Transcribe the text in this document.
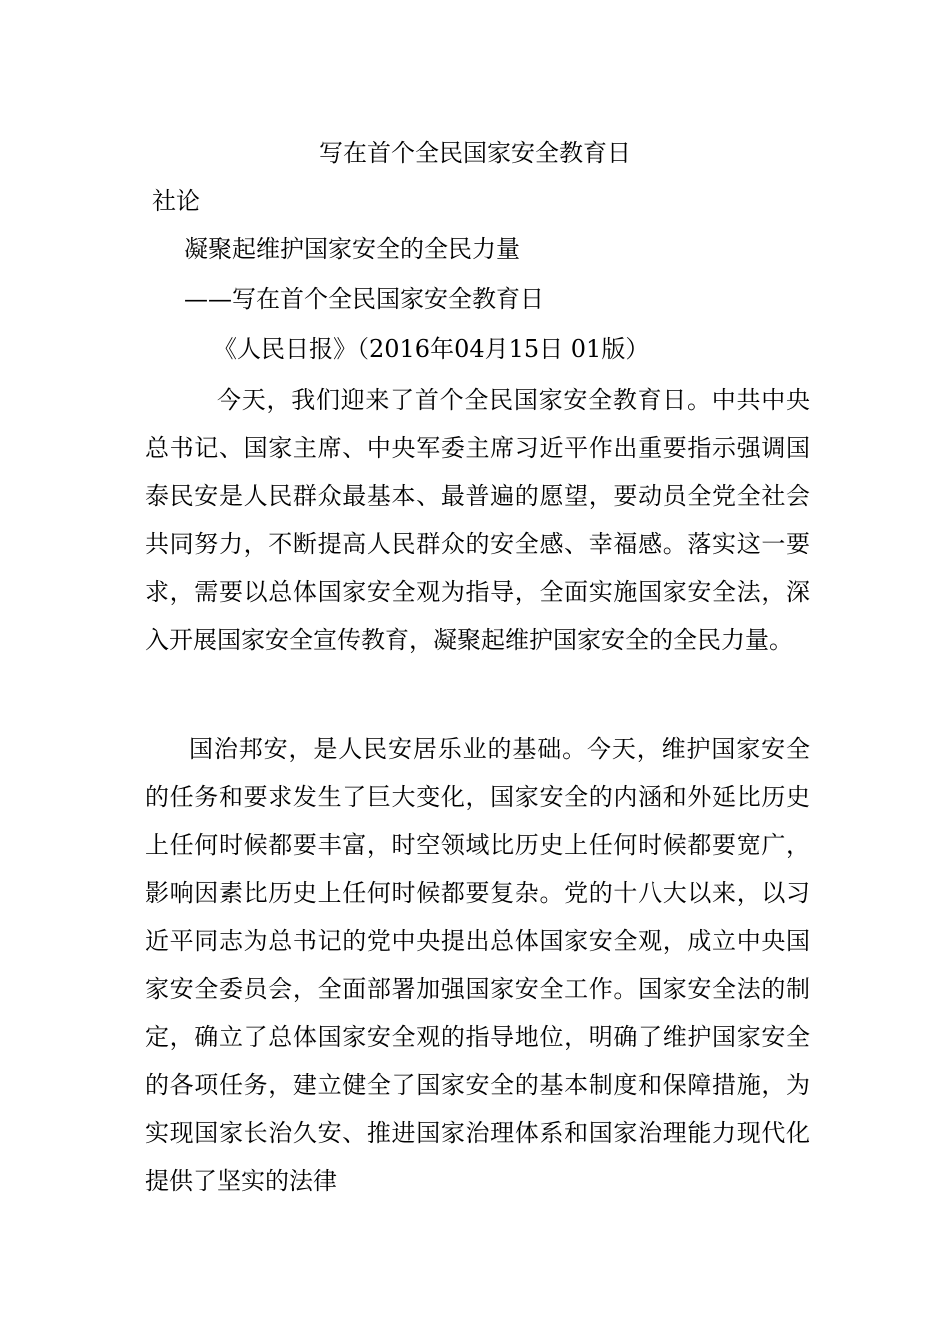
写在首个全民国家安全教育日
社论
凝聚起维护国家安全的全民力量
——写在首个全民国家安全教育日
《人民日报》（2016年04月15日 01版）

今天，我们迎来了首个全民国家安全教育日。中共中央总书记、国家主席、中央军委主席习近平作出重要指示强调国泰民安是人民群众最基本、最普遍的愿望，要动员全党全社会共同努力，不断提高人民群众的安全感、幸福感。落实这一要求，需要以总体国家安全观为指导，全面实施国家安全法，深入开展国家安全宣传教育，凝聚起维护国家安全的全民力量。

国治邦安，是人民安居乐业的基础。今天，维护国家安全的任务和要求发生了巨大变化，国家安全的内涵和外延比历史上任何时候都要丰富，时空领域比历史上任何时候都要宽广，影响因素比历史上任何时候都要复杂。党的十八大以来，以习近平同志为总书记的党中央提出总体国家安全观，成立中央国家安全委员会，全面部署加强国家安全工作。国家安全法的制定，确立了总体国家安全观的指导地位，明确了维护国家安全的各项任务，建立健全了国家安全的基本制度和保障措施，为实现国家长治久安、推进国家治理体系和国家治理能力现代化提供了坚实的法律
